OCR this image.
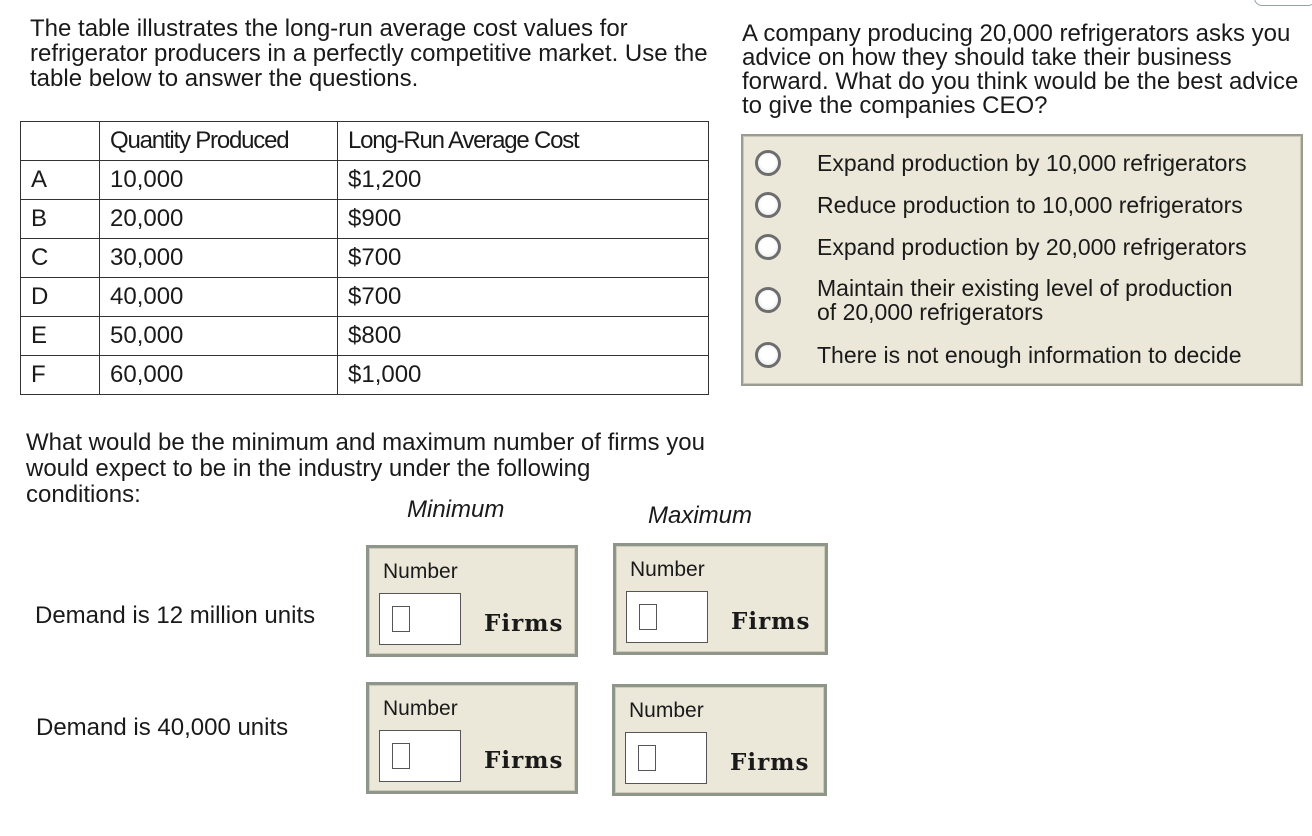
The table illustrates the long-run average cost values for refrigerator producers in a perfectly competitive market. Use the table below to answer the questions.
	Quantity Produced	Long-Run Average Cost
A	10,000	$1,200
B	20,000	$900
C	30,000	$700
D	40,000	$700
E	50,000	$800
F	60,000	$1,000
A company producing 20,000 refrigerators asks you advice on how they should take their business forward. What do you think would be the best advice to give the companies CEO?
Expand production by 10,000 refrigerators
Reduce production to 10,000 refrigerators
Expand production by 20,000 refrigerators
Maintain their existing level of production of 20,000 refrigerators
There is not enough information to decide
What would be the minimum and maximum number of firms you would expect to be in the industry under the following conditions:
Minimum	Maximum
Demand is 12 million units
Demand is 40,000 units
Number
Firms
Number
Firms
Number
Firms
Number
Firms
